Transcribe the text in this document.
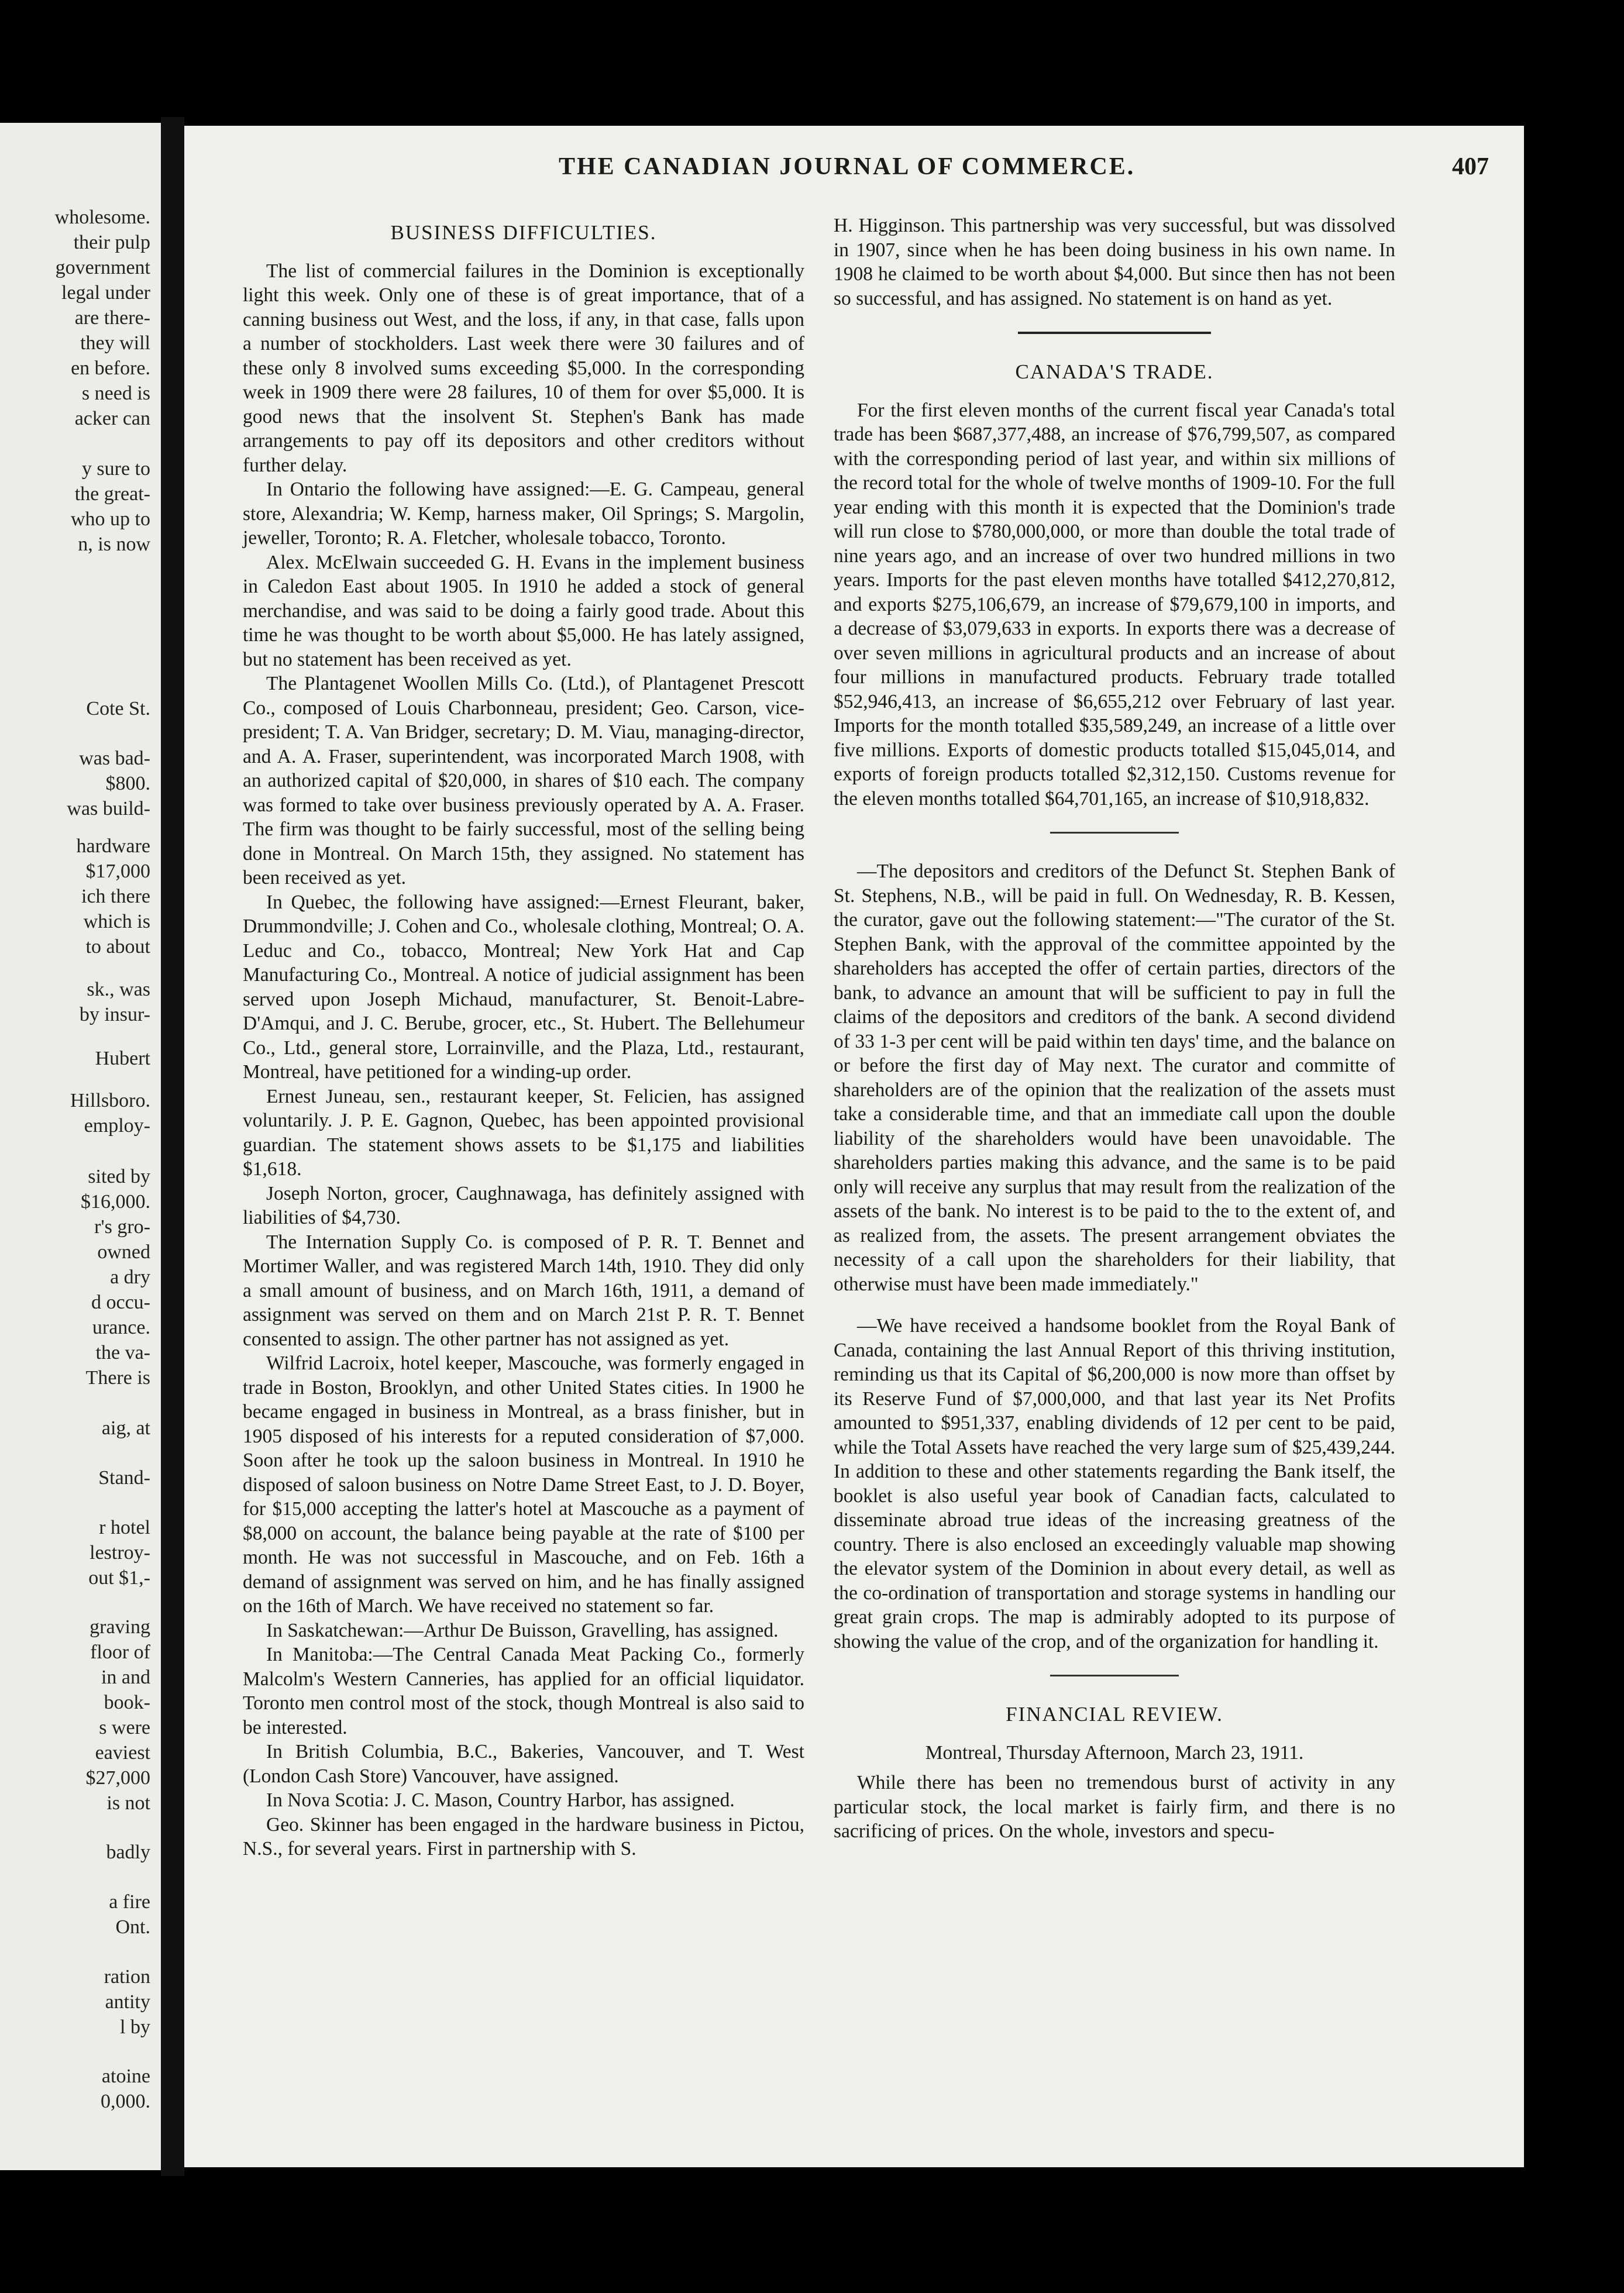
wholesome.
their pulp
government
legal under
are there-
they will
en before.
s need is
acker can
y sure to
the great-
who up to
n, is now
Cote St.
was bad-
$800.
was build-
hardware
$17,000
ich there
which is
to about
sk., was
by insur-
Hubert
Hillsboro.
employ-
sited by
$16,000.
r's gro-
owned
a dry
d occu-
urance.
the va-
There is
aig, at
Stand-
r hotel
lestroy-
out $1,-
graving
floor of
in and
book-
s were
eaviest
$27,000
is not
badly
a fire
Ont.
ration
antity
l by
atoine
0,000.
THE CANADIAN JOURNAL OF COMMERCE.	407
BUSINESS DIFFICULTIES.

The list of commercial failures in the Dominion is exceptionally light this week. Only one of these is of great importance, that of a canning business out West, and the loss, if any, in that case, falls upon a number of stockholders. Last week there were 30 failures and of these only 8 involved sums exceeding $5,000. In the corresponding week in 1909 there were 28 failures, 10 of them for over $5,000. It is good news that the insolvent St. Stephen's Bank has made arrangements to pay off its depositors and other creditors without further delay.

In Ontario the following have assigned:—E. G. Campeau, general store, Alexandria; W. Kemp, harness maker, Oil Springs; S. Margolin, jeweller, Toronto; R. A. Fletcher, wholesale tobacco, Toronto.

Alex. McElwain succeeded G. H. Evans in the implement business in Caledon East about 1905. In 1910 he added a stock of general merchandise, and was said to be doing a fairly good trade. About this time he was thought to be worth about $5,000. He has lately assigned, but no statement has been received as yet.

The Plantagenet Woollen Mills Co. (Ltd.), of Plantagenet Prescott Co., composed of Louis Charbonneau, president; Geo. Carson, vice-president; T. A. Van Bridger, secretary; D. M. Viau, managing-director, and A. A. Fraser, superintendent, was incorporated March 1908, with an authorized capital of $20,000, in shares of $10 each. The company was formed to take over business previously operated by A. A. Fraser. The firm was thought to be fairly successful, most of the selling being done in Montreal. On March 15th, they assigned. No statement has been received as yet.

In Quebec, the following have assigned:—Ernest Fleurant, baker, Drummondville; J. Cohen and Co., wholesale clothing, Montreal; O. A. Leduc and Co., tobacco, Montreal; New York Hat and Cap Manufacturing Co., Montreal. A notice of judicial assignment has been served upon Joseph Michaud, manufacturer, St. Benoit-Labre-D'Amqui, and J. C. Berube, grocer, etc., St. Hubert. The Bellehumeur Co., Ltd., general store, Lorrainville, and the Plaza, Ltd., restaurant, Montreal, have petitioned for a winding-up order.

Ernest Juneau, sen., restaurant keeper, St. Felicien, has assigned voluntarily. J. P. E. Gagnon, Quebec, has been appointed provisional guardian. The statement shows assets to be $1,175 and liabilities $1,618.

Joseph Norton, grocer, Caughnawaga, has definitely assigned with liabilities of $4,730.

The Internation Supply Co. is composed of P. R. T. Bennet and Mortimer Waller, and was registered March 14th, 1910. They did only a small amount of business, and on March 16th, 1911, a demand of assignment was served on them and on March 21st P. R. T. Bennet consented to assign. The other partner has not assigned as yet.

Wilfrid Lacroix, hotel keeper, Mascouche, was formerly engaged in trade in Boston, Brooklyn, and other United States cities. In 1900 he became engaged in business in Montreal, as a brass finisher, but in 1905 disposed of his interests for a reputed consideration of $7,000. Soon after he took up the saloon business in Montreal. In 1910 he disposed of saloon business on Notre Dame Street East, to J. D. Boyer, for $15,000 accepting the latter's hotel at Mascouche as a payment of $8,000 on account, the balance being payable at the rate of $100 per month. He was not successful in Mascouche, and on Feb. 16th a demand of assignment was served on him, and he has finally assigned on the 16th of March. We have received no statement so far.

In Saskatchewan:—Arthur De Buisson, Gravelling, has assigned.

In Manitoba:—The Central Canada Meat Packing Co., formerly Malcolm's Western Canneries, has applied for an official liquidator. Toronto men control most of the stock, though Montreal is also said to be interested.

In British Columbia, B.C., Bakeries, Vancouver, and T. West (London Cash Store) Vancouver, have assigned.

In Nova Scotia: J. C. Mason, Country Harbor, has assigned.

Geo. Skinner has been engaged in the hardware business in Pictou, N.S., for several years. First in partnership with S.

H. Higginson. This partnership was very successful, but was dissolved in 1907, since when he has been doing business in his own name. In 1908 he claimed to be worth about $4,000. But since then has not been so successful, and has assigned. No statement is on hand as yet.

CANADA'S TRADE.

For the first eleven months of the current fiscal year Canada's total trade has been $687,377,488, an increase of $76,799,507, as compared with the corresponding period of last year, and within six millions of the record total for the whole of twelve months of 1909-10. For the full year ending with this month it is expected that the Dominion's trade will run close to $780,000,000, or more than double the total trade of nine years ago, and an increase of over two hundred millions in two years. Imports for the past eleven months have totalled $412,270,812, and exports $275,106,679, an increase of $79,679,100 in imports, and a decrease of $3,079,633 in exports. In exports there was a decrease of over seven millions in agricultural products and an increase of about four millions in manufactured products. February trade totalled $52,946,413, an increase of $6,655,212 over February of last year. Imports for the month totalled $35,589,249, an increase of a little over five millions. Exports of domestic products totalled $15,045,014, and exports of foreign products totalled $2,312,150. Customs revenue for the eleven months totalled $64,701,165, an increase of $10,918,832.

—The depositors and creditors of the Defunct St. Stephen Bank of St. Stephens, N.B., will be paid in full. On Wednesday, R. B. Kessen, the curator, gave out the following statement:—"The curator of the St. Stephen Bank, with the approval of the committee appointed by the shareholders has accepted the offer of certain parties, directors of the bank, to advance an amount that will be sufficient to pay in full the claims of the depositors and creditors of the bank. A second dividend of 33 1-3 per cent will be paid within ten days' time, and the balance on or before the first day of May next. The curator and committe of shareholders are of the opinion that the realization of the assets must take a considerable time, and that an immediate call upon the double liability of the shareholders would have been unavoidable. The shareholders parties making this advance, and the same is to be paid only will receive any surplus that may result from the realization of the assets of the bank. No interest is to be paid to the to the extent of, and as realized from, the assets. The present arrangement obviates the necessity of a call upon the shareholders for their liability, that otherwise must have been made immediately."

—We have received a handsome booklet from the Royal Bank of Canada, containing the last Annual Report of this thriving institution, reminding us that its Capital of $6,200,000 is now more than offset by its Reserve Fund of $7,000,000, and that last year its Net Profits amounted to $951,337, enabling dividends of 12 per cent to be paid, while the Total Assets have reached the very large sum of $25,439,244. In addition to these and other statements regarding the Bank itself, the booklet is also useful year book of Canadian facts, calculated to disseminate abroad true ideas of the increasing greatness of the country. There is also enclosed an exceedingly valuable map showing the elevator system of the Dominion in about every detail, as well as the co-ordination of transportation and storage systems in handling our great grain crops. The map is admirably adopted to its purpose of showing the value of the crop, and of the organization for handling it.

FINANCIAL REVIEW.
Montreal, Thursday Afternoon, March 23, 1911.

While there has been no tremendous burst of activity in any particular stock, the local market is fairly firm, and there is no sacrificing of prices. On the whole, investors and specu-
